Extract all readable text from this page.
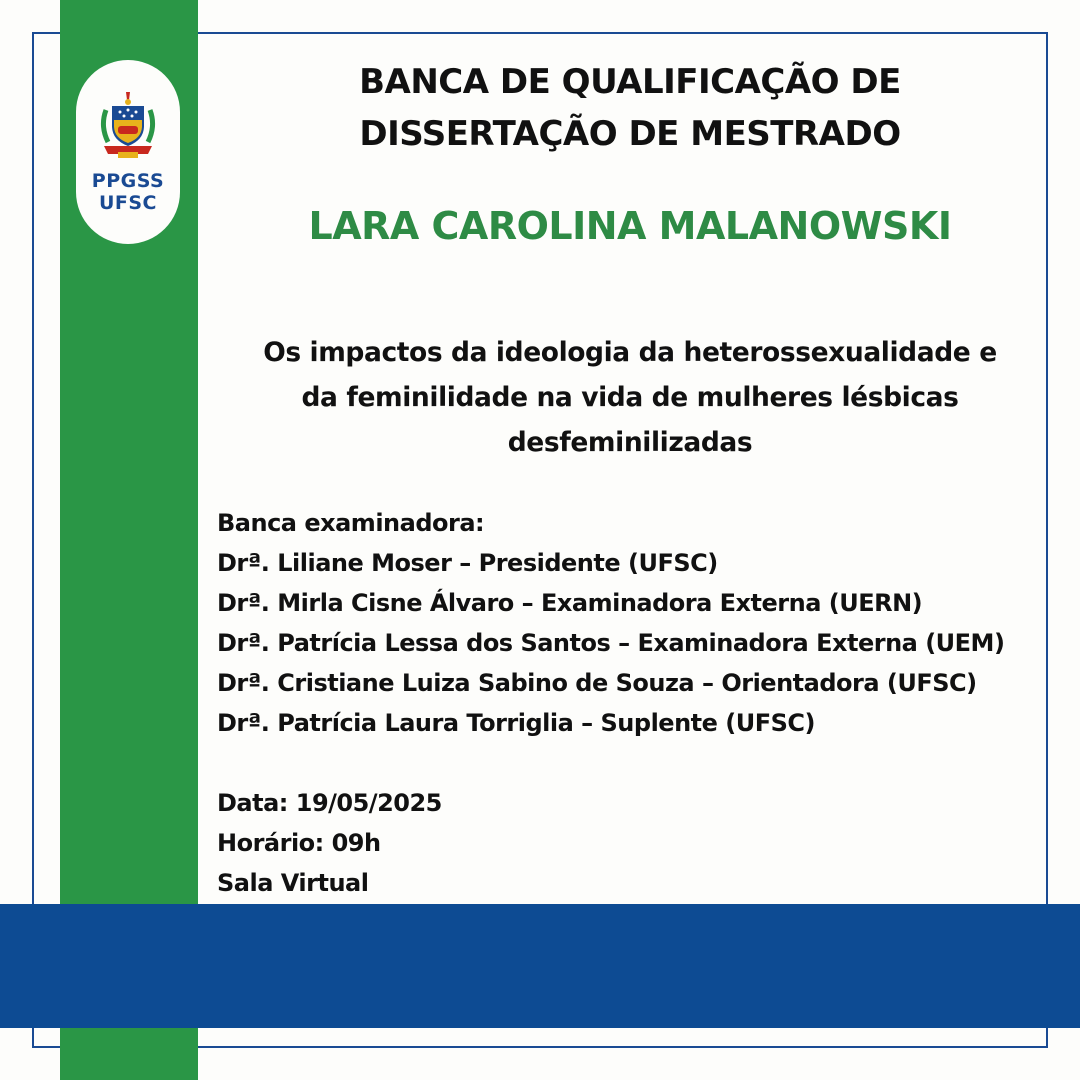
PPGSS
UFSC
BANCA DE QUALIFICAÇÃO DE
DISSERTAÇÃO DE MESTRADO
LARA CAROLINA MALANOWSKI
Os impactos da ideologia da heterossexualidade e
da feminilidade na vida de mulheres lésbicas
desfeminilizadas
Banca examinadora:
Drª. Liliane Moser – Presidente (UFSC)
Drª. Mirla Cisne Álvaro – Examinadora Externa (UERN)
Drª. Patrícia Lessa dos Santos – Examinadora Externa (UEM)
Drª. Cristiane Luiza Sabino de Souza – Orientadora (UFSC)
Drª. Patrícia Laura Torriglia – Suplente (UFSC)
Data: 19/05/2025
Horário: 09h
Sala Virtual
